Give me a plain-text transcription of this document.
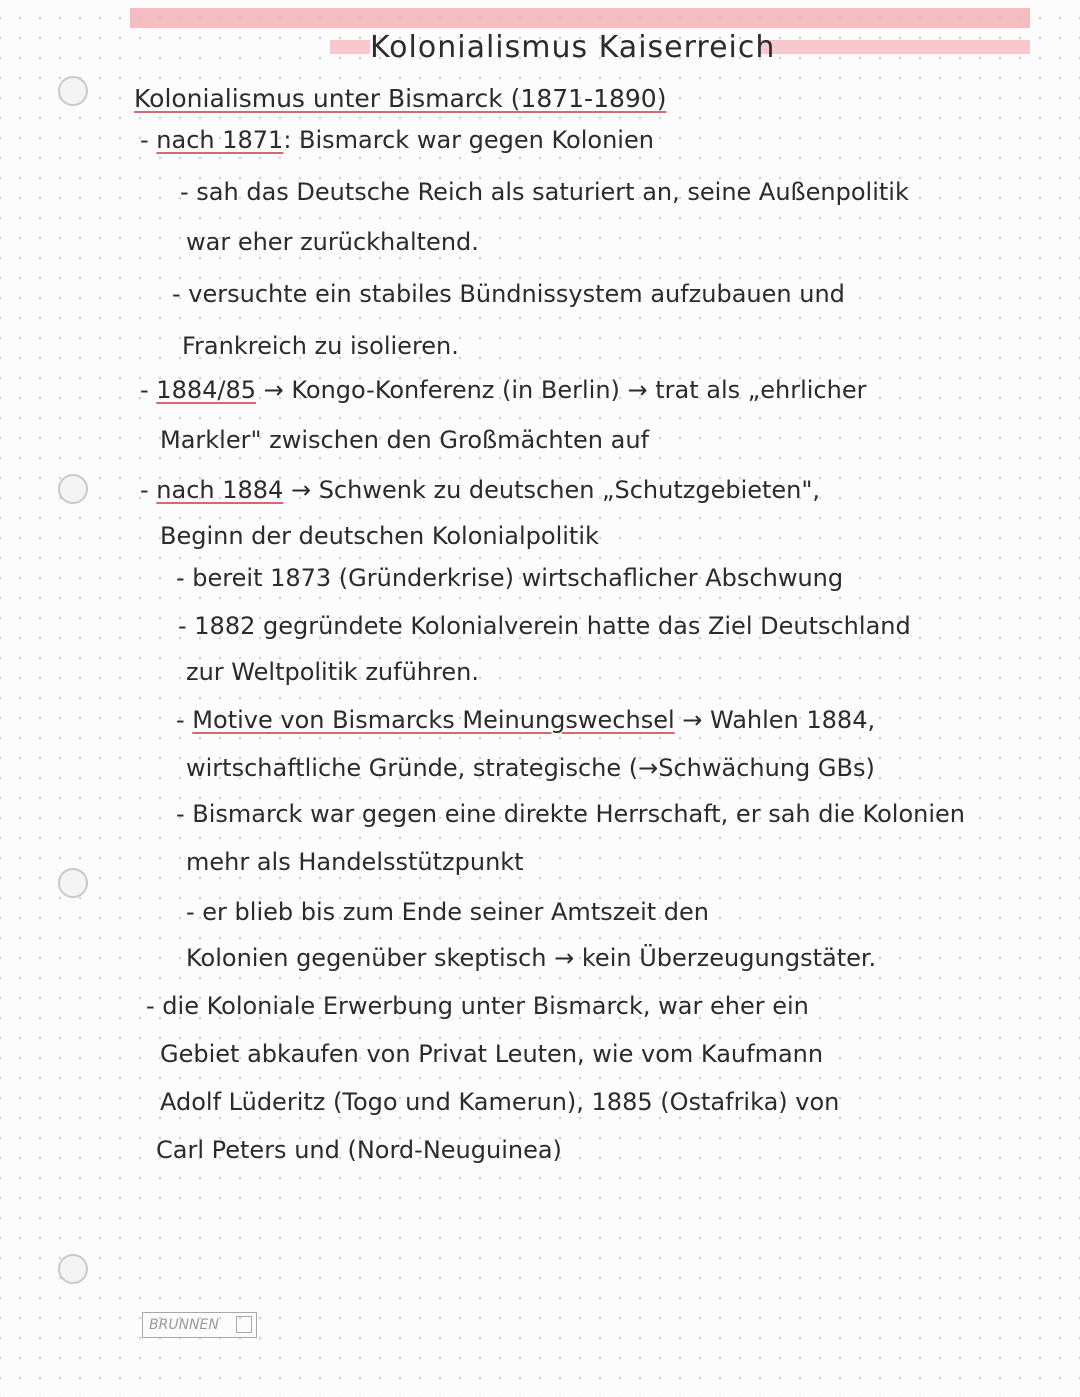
Kolonialismus Kaiserreich
Kolonialismus unter Bismarck (1871-1890)
- nach 1871: Bismarck war gegen Kolonien
- sah das Deutsche Reich als saturiert an, seine Außenpolitik
war eher zurückhaltend.
- versuchte ein stabiles Bündnissystem aufzubauen und
Frankreich zu isolieren.
- 1884/85 → Kongo-Konferenz (in Berlin) → trat als „ehrlicher
Markler" zwischen den Großmächten auf
- nach 1884 → Schwenk zu deutschen „Schutzgebieten",
Beginn der deutschen Kolonialpolitik
- bereit 1873 (Gründerkrise) wirtschaflicher Abschwung
- 1882 gegründete Kolonialverein hatte das Ziel Deutschland
zur Weltpolitik zuführen.
- Motive von Bismarcks Meinungswechsel → Wahlen 1884,
wirtschaftliche Gründe, strategische (→Schwächung GBs)
- Bismarck war gegen eine direkte Herrschaft, er sah die Kolonien
mehr als Handelsstützpunkt
- er blieb bis zum Ende seiner Amtszeit den
Kolonien gegenüber skeptisch → kein Überzeugungstäter.
- die Koloniale Erwerbung unter Bismarck, war eher ein
Gebiet abkaufen von Privat Leuten, wie vom Kaufmann
Adolf Lüderitz (Togo und Kamerun), 1885 (Ostafrika) von
Carl Peters und (Nord-Neuguinea)
BRUNNEN
